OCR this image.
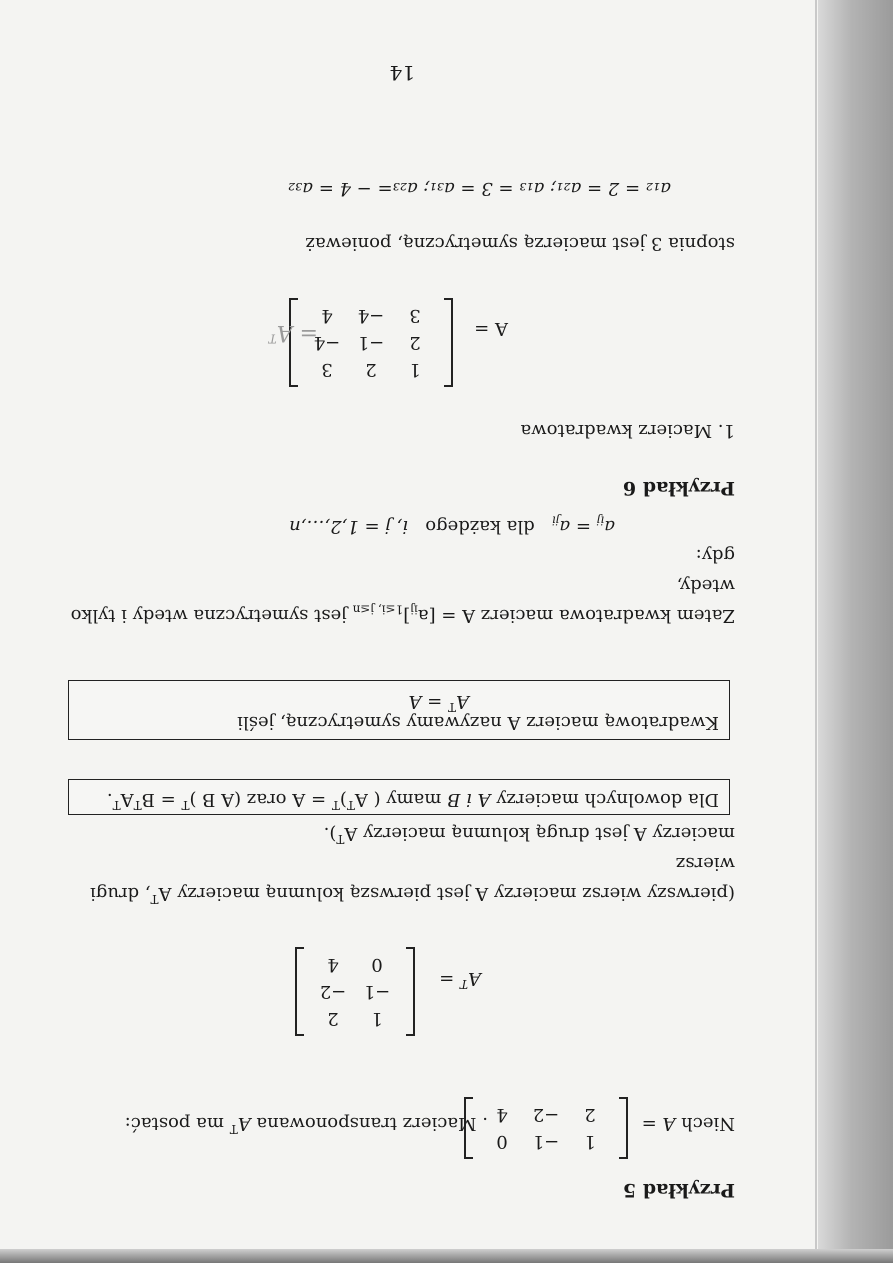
14
a₁₂ = 2 = a₂₁; a₁₃ = 3 = a₃₁; a₂₃= − 4 = a₃₂
stopnia 3 jest macierzą symetryczną, ponieważ
A =
1
2
3
2
−1
−4
3
−4
4
= $A^T$
1. Macierz kwadratowa
Przykład 6
$a_{ij} = a_{ji}$   dla każdego   i, j = 1,2,…,n
Zatem kwadratowa macierz $A = [a_{ij}]_{1\le i, j\le n}$ jest symetryczna wtedy i tylko wtedy,
gdy:
Kwadratową macierz A nazywamy symetryczną, jeśli
$A^T = A$
Dla dowolnych macierzy A i B mamy ( $A^T)^T = A$ oraz (A B )$^T = B^TA^T$.
(pierwszy wiersz macierzy A jest pierwszą kolumną macierzy $A^T$, drugi wiersz
macierzy A jest drugą kolumną macierzy $A^T$).
$A^T$ =
1
2
−1
−2
0
4
Niech A =
1
−1
0
2
−2
4
. Macierz transponowana $A^T$ ma postać:
Przykład 5
